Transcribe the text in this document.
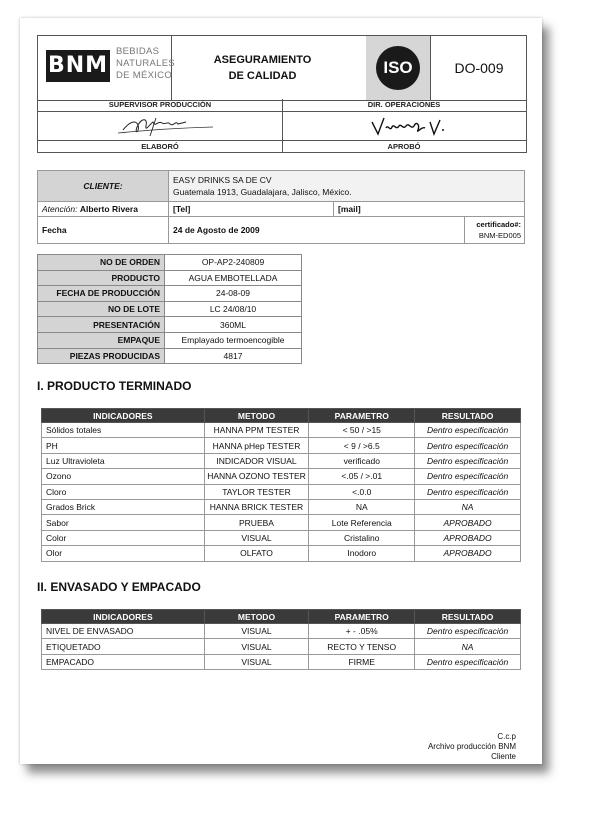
BNM
BEBIDAS
NATURALES
DE MÉXICO
ASEGURAMIENTO
DE CALIDAD	ISO	DO-009
SUPERVISOR PRODUCCIÓN
ELABORÓ
DIR. OPERACIONES
APROBÓ
CLIENTE:	EASY DRINKS SA DE CV
Guatemala 1913, Guadalajara, Jalisco, México.		

Atención: Alberto Rivera	[Tel]	[mail]	
Fecha	24 de Agosto de 2009		certificado#:
BNM-ED005
NO DE ORDEN	OP-AP2-240809
PRODUCTO	AGUA EMBOTELLADA
FECHA DE PRODUCCIÓN	24-08-09
NO DE LOTE	LC 24/08/10
PRESENTACIÓN	360ML
EMPAQUE	Emplayado termoencogible
PIEZAS PRODUCIDAS	4817
I. PRODUCTO TERMINADO
INDICADORES	METODO	PARAMETRO	RESULTADO
Sólidos totales	HANNA PPM TESTER	< 50 / >15	Dentro especificación
PH	HANNA pHep TESTER	< 9 / >6.5	Dentro especificación
Luz Ultravioleta	INDICADOR VISUAL	verificado	Dentro especificación
Ozono	HANNA OZONO TESTER	<.05 / >.01	Dentro especificación
Cloro	TAYLOR TESTER	<.0.0	Dentro especificación
Grados Brick	HANNA BRICK TESTER	NA	NA
Sabor	PRUEBA	Lote Referencia	APROBADO
Color	VISUAL	Cristalino	APROBADO
Olor	OLFATO	Inodoro	APROBADO
II. ENVASADO Y EMPACADO
INDICADORES	METODO	PARAMETRO	RESULTADO
NIVEL DE ENVASADO	VISUAL	+ - .05%	Dentro especificación
ETIQUETADO	VISUAL	RECTO Y TENSO	NA
EMPACADO	VISUAL	FIRME	Dentro especificación
C.c.p
Archivo producción BNM
Cliente
